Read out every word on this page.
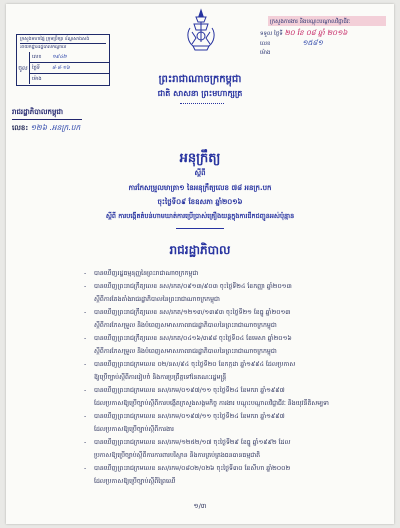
ក្រសួងមហាផ្ទៃ ក្រុមប្រឹក្សា ខ័ណ្ឌសាងសង់
នាយកដ្ឋានរដ្ឋបាលកណ្ដាល
ចូល
លេខ	១៩៤២
ថ្ងៃទី	៨-៨-១៦
ម៉ោង
ក្រសួងការងារ និងបណ្ដុះបណ្ដាលវិជ្ជាជីវៈ
ទទួល ថ្ងៃទី ២០ ខែ ០៨ ឆ្នាំ ២០១៦
លេខ	១៥៨១
ម៉ោង
ព្រះរាជាណាចក្រកម្ពុជា
ជាតិ សាសនា ព្រះមហាក្សត្រ
រាជរដ្ឋាភិបាលកម្ពុជា
លេខ: ១២៦ .អនក្រ.បក
អនុក្រឹត្យ
ស្ដីពី
ការកែសម្រួលមាត្រា១ នៃអនុក្រឹត្យលេខ ៧៨ អនក្រ.បក
ចុះថ្ងៃទី០៩ ខែឧសភា ឆ្នាំ២០១៦
ស្ដីពី ការបង្កើតតំបន់ហាមឃាត់ការប្រើប្រាស់គ្រឿងយន្តក្នុងការដឹកជញ្ជូនអស់ប៉ុន្មាន
រាជរដ្ឋាភិបាល
- បានឃើញរដ្ឋធម្មនុញ្ញនៃព្រះរាជាណាចក្រកម្ពុជា
- បានឃើញព្រះរាជក្រឹត្យលេខ នស/រកត/០៩១៣/៩០៣ ចុះថ្ងៃទី២៤ ខែកញ្ញា ឆ្នាំ២០១៣
ស្ដីពីការតែងតាំងរាជរដ្ឋាភិបាលនៃព្រះរាជាណាចក្រកម្ពុជា
- បានឃើញព្រះរាជក្រឹត្យលេខ នស/រកត/១២១៣/១៣៩៣ ចុះថ្ងៃទី២១ ខែធ្នូ ឆ្នាំ២០១៣
ស្ដីពីការកែសម្រួល និងបំពេញសមាសភាពរាជរដ្ឋាភិបាលនៃព្រះរាជាណាចក្រកម្ពុជា
- បានឃើញព្រះរាជក្រឹត្យលេខ នស/រកត/០៤១៦/៣៩៨ ចុះថ្ងៃទី០៤ ខែមេសា ឆ្នាំ២០១៦
ស្ដីពីការកែសម្រួល និងបំពេញសមាសភាពរាជរដ្ឋាភិបាលនៃព្រះរាជាណាចក្រកម្ពុជា
- បានឃើញព្រះរាជក្រមលេខ ០២/នស/៩៤ ចុះថ្ងៃទី២០ ខែកក្កដា ឆ្នាំ១៩៩៤ ដែលប្រកាស
ឱ្យប្រើច្បាប់ស្ដីពីការរៀបចំ និងការប្រព្រឹត្តទៅនៃគណៈរដ្ឋមន្ត្រី
- បានឃើញព្រះរាជក្រមលេខ នស/រកម/០១៩៧/១១ ចុះថ្ងៃទី២៤ ខែមករា ឆ្នាំ១៩៩៧
ដែលប្រកាសឱ្យប្រើច្បាប់ស្ដីពីការបង្កើតក្រសួងសង្គមកិច្ច ការងារ បណ្ដុះបណ្ដាលវិជ្ជាជីវៈ និងយុវនីតិសម្បទា
- បានឃើញព្រះរាជក្រមលេខ នស/រកម/០១៩៧/១១ ចុះថ្ងៃទី២៤ ខែមករា ឆ្នាំ១៩៩៧
ដែលប្រកាសឱ្យប្រើច្បាប់ស្ដីពីការងារ
- បានឃើញព្រះរាជក្រមលេខ នស/រកម/១២៥២/១៧ ចុះថ្ងៃទី២៩ ខែធ្នូ ឆ្នាំ១៩៩២ ដែល
ប្រកាសឱ្យប្រើច្បាប់ស្ដីពីការការពារបរិស្ថាន និងការគ្រប់គ្រងធនធានធម្មជាតិ
- បានឃើញព្រះរាជក្រមលេខ នស/រកម/០៨០២/០២៦ ចុះថ្ងៃទី៣០ ខែសីហា ឆ្នាំ២០០២
ដែលប្រកាសឱ្យប្រើច្បាប់ស្ដីពីព្រៃឈើ
១/៣
